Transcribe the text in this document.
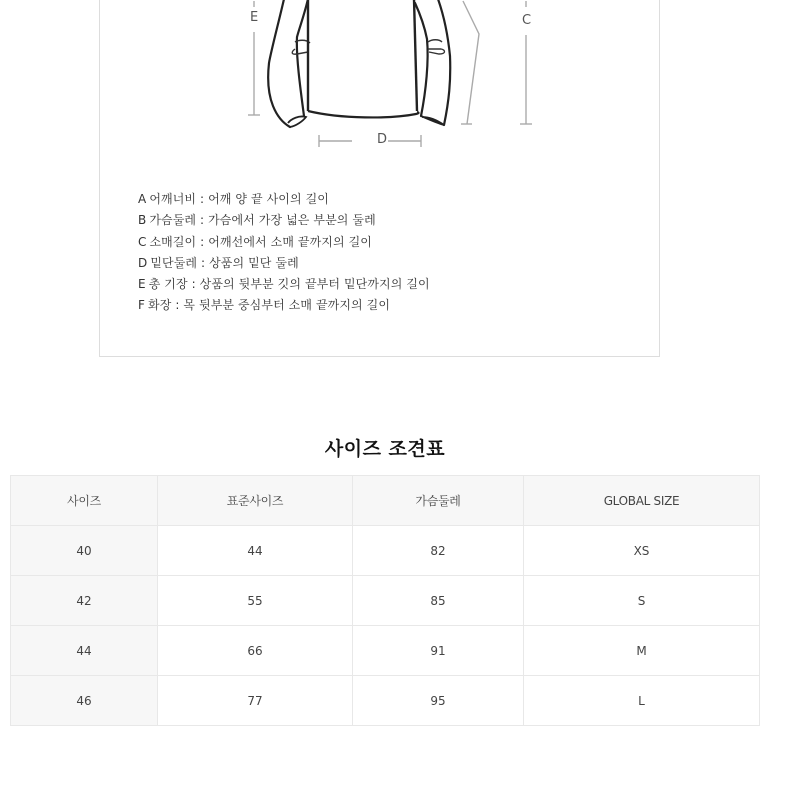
E	C
D
A 어깨너비 : 어깨 양 끝 사이의 길이
B 가슴둘레 : 가슴에서 가장 넓은 부분의 둘레
C 소매길이 : 어깨선에서 소매 끝까지의 길이
D 밑단둘레 : 상품의 밑단 둘레
E 총 기장 : 상품의 뒷부분 깃의 끝부터 밑단까지의 길이
F 화장 : 목 뒷부분 중심부터 소매 끝까지의 길이
사이즈 조견표
사이즈	표준사이즈	가슴둘레	GLOBAL SIZE
40	44	82	XS
42	55	85	S
44	66	91	M
46	77	95	L
